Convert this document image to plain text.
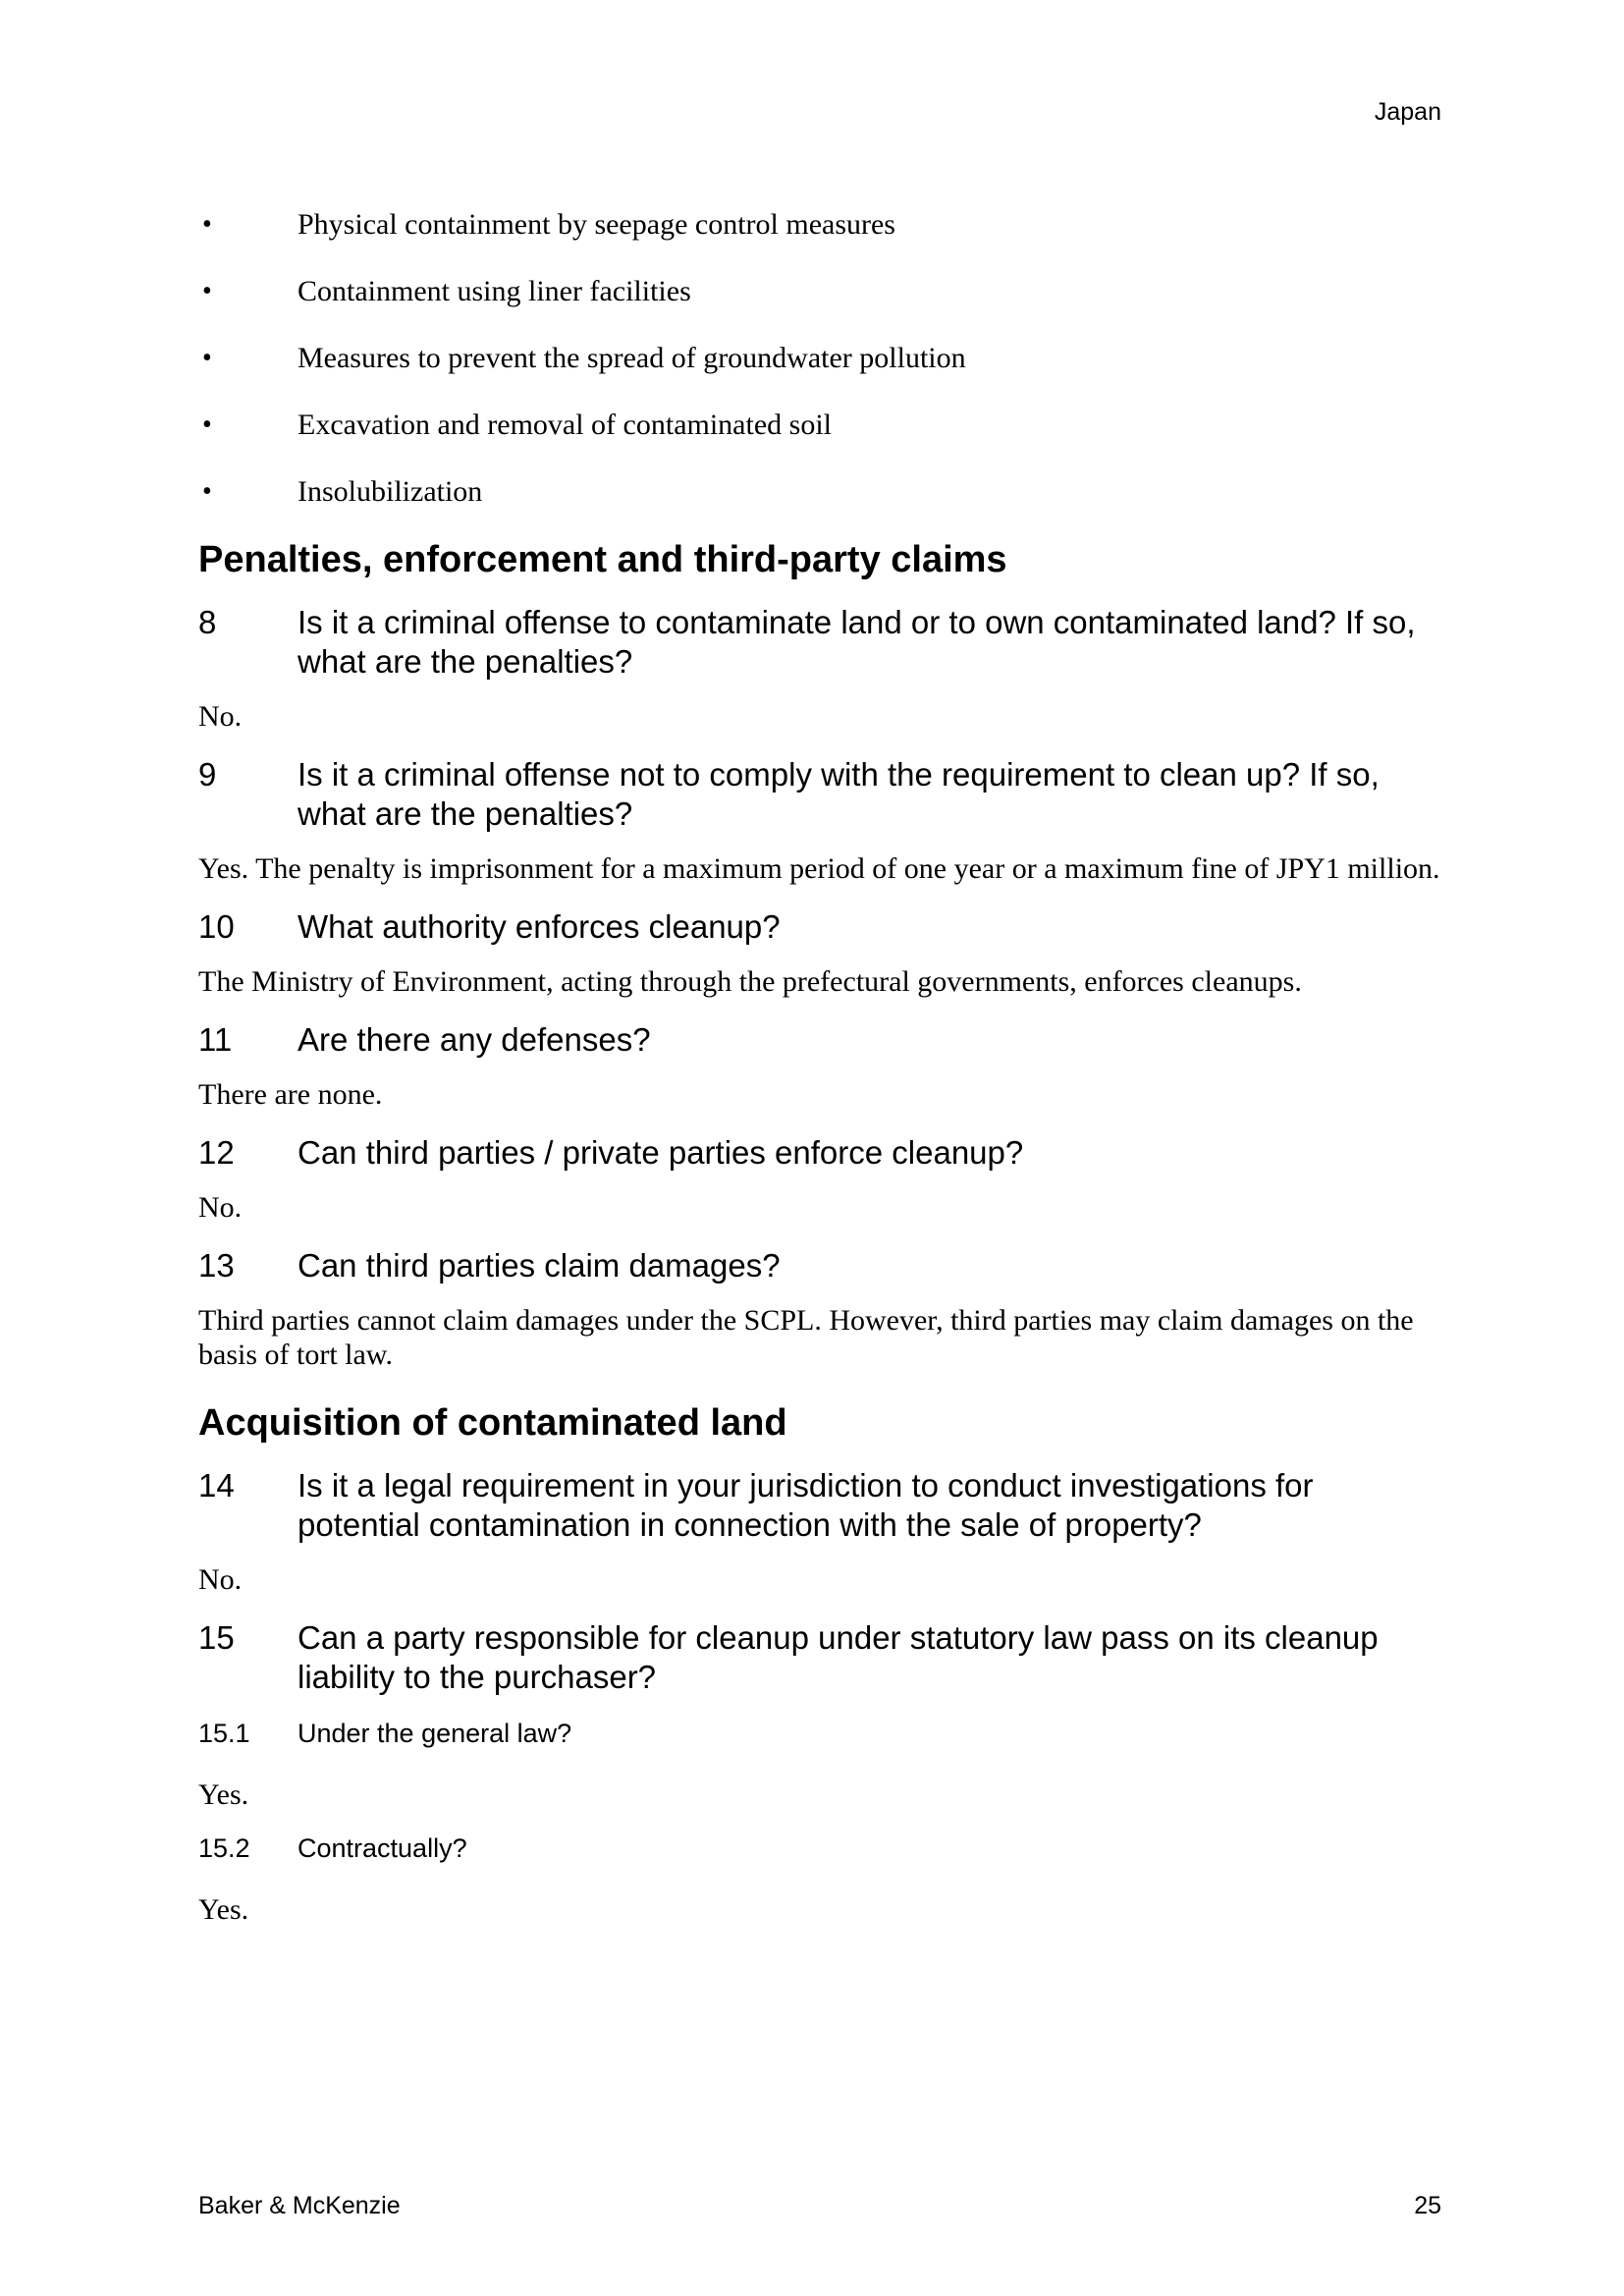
Japan
•	Physical containment by seepage control measures
•	Containment using liner facilities
•	Measures to prevent the spread of groundwater pollution
•	Excavation and removal of contaminated soil
•	Insolubilization
Penalties, enforcement and third-party claims
8	Is it a criminal offense to contaminate land or to own contaminated land? If so, what are the penalties?
No.
9	Is it a criminal offense not to comply with the requirement to clean up? If so, what are the penalties?
Yes. The penalty is imprisonment for a maximum period of one year or a maximum fine of JPY1 million.
10 What authority enforces cleanup?
The Ministry of Environment, acting through the prefectural governments, enforces cleanups.
11 Are there any defenses?
There are none.
12 Can third parties / private parties enforce cleanup?
No.
13 Can third parties claim damages?
Third parties cannot claim damages under the SCPL. However, third parties may claim damages on the basis of tort law.
Acquisition of contaminated land
14 Is it a legal requirement in your jurisdiction to conduct investigations for potential contamination in connection with the sale of property?
No.
15 Can a party responsible for cleanup under statutory law pass on its cleanup liability to the purchaser?
15.1 Under the general law?
Yes.
15.2 Contractually?
Yes.
Baker & McKenzie	25
